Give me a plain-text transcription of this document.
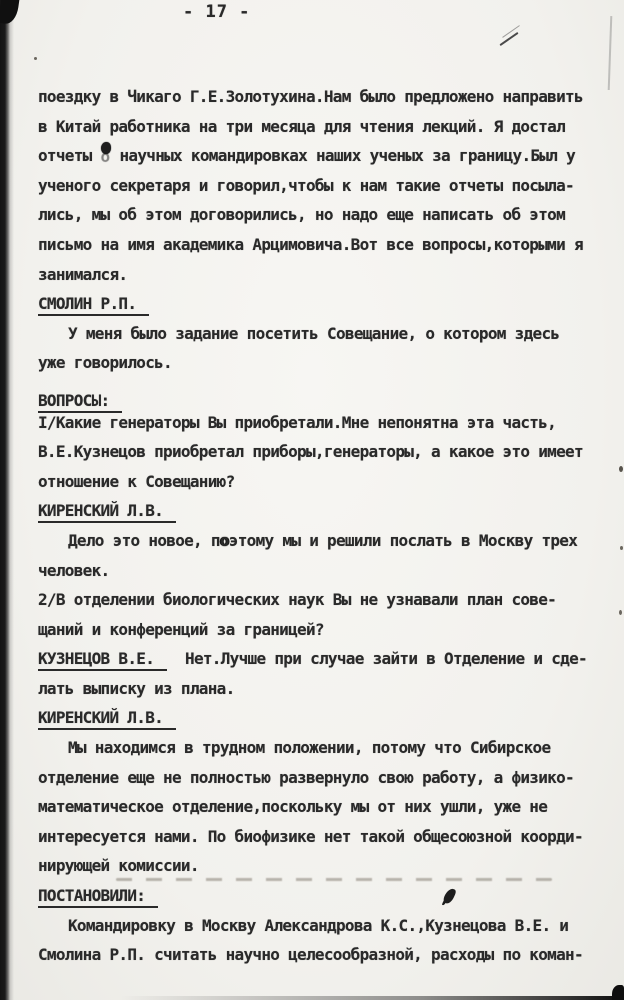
- 17 -
поездку в Чикаго Г.Е.Золотухина.Нам было предложено направить
в Китай работника на три месяца для чтения лекций. Я достал
отчеты о научных командировках наших ученых за границу.Был у
ученого секретаря и говорил,чтобы к нам такие отчеты посыла-
лись, мы об этом договорились, но надо еще написать об этом
письмо на имя академика Арцимовича.Вот все вопросы,которыми я
занимался.
СМОЛИН Р.П.
У меня было задание посетить Совещание, о котором здесь
уже говорилось.
ВОПРОСЫ:
I/Какие генераторы Вы приобретали.Мне непонятна эта часть,
В.Е.Кузнецов приобретал приборы,генераторы, а какое это имеет
отношение к Совещанию?
КИРЕНСКИЙ Л.В.
Дело это новое, поэтому мы и решили послать в Москву трех
человек.
2/В отделении биологических наук Вы не узнавали план сове-
щаний и конференций за границей?
КУЗНЕЦОВ В.Е.  Нет.Лучше при случае зайти в Отделение и сде-
лать выписку из плана.
КИРЕНСКИЙ Л.В.
Мы находимся в трудном положении, потому что Сибирское
отделение еще не полностью развернуло свою работу, а физико-
математическое отделение,поскольку мы от них ушли, уже не
интересуется нами. По биофизике нет такой общесоюзной коорди-
нирующей комиссии.
ПОСТАНОВИЛИ:
Командировку в Москву Александрова К.С.,Кузнецова В.Е. и
Смолина Р.П. считать научно целесообразной, расходы по коман-
